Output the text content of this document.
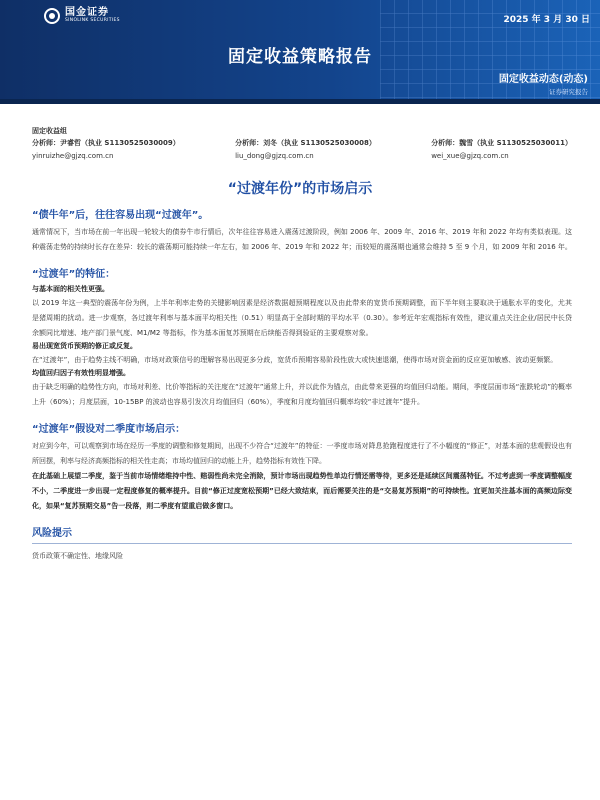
国金证券
SINOLINK SECURITIES	2025 年 3 月 30 日
固定收益策略报告
固定收益动态(动态)
证券研究报告
固定收益组
分析师：尹睿哲（执业 S1130525030009）
yinruizhe@gjzq.com.cn
分析师：刘冬（执业 S1130525030008）
liu_dong@gjzq.com.cn
分析师：魏雪（执业 S1130525030011）
wei_xue@gjzq.com.cn
“过渡年份”的市场启示
“债牛年”后，往往容易出现“过渡年”。
通常情况下，当市场在前一年出现一轮较大的债券牛市行情后，次年往往容易进入震荡过渡阶段，例如 2006 年、2009 年、2016 年、2019 年和 2022 年均有类似表现。这种震荡走势的持续时长存在差异：较长的震荡期可能持续一年左右，如 2006 年、2019 年和 2022 年；而较短的震荡期也通常会维持 5 至 9 个月，如 2009 年和 2016 年。
“过渡年”的特征：
与基本面的相关性更强。
以 2019 年这一典型的震荡年份为例，上半年利率走势的关键影响因素是经济数据超预期程度以及由此带来的宽货币预期调整，而下半年则主要取决于通胀水平的变化，尤其是猪周期的扰动。进一步观察，各过渡年利率与基本面平均相关性（0.51）明显高于全部时期的平均水平（0.30）。参考近年宏观指标有效性，建议重点关注企业/居民中长贷余额同比增速、地产部门景气度、M1/M2 等指标，作为基本面复苏预期在后续能否得到验证的主要观察对象。
易出现宽货币预期的修正或反复。
在“过渡年”，由于趋势主线不明确，市场对政策信号的理解容易出现更多分歧，宽货币预期容易阶段性放大或快速退潮，使得市场对资金面的反应更加敏感、波动更频繁。
均值回归因子有效性明显增强。
由于缺乏明确的趋势性方向，市场对利差、比价等指标的关注度在“过渡年”通常上升，并以此作为锚点，由此带来更强的均值回归动能。期间，季度层面市场“涨跌轮动”的概率上升（60%）；月度层面，10-15BP 的波动也容易引发次月均值回归（60%），季度和月度均值回归概率均较“非过渡年”提升。
“过渡年”假设对二季度市场启示：
对应到今年，可以观察到市场在经历一季度的调整和修复期间，出现不少符合“过渡年”的特征：一季度市场对降息抢跑程度进行了不小幅度的“修正”，对基本面的悲观假设也有所回摆，利率与经济高频指标的相关性走高；市场均值回归的动能上升，趋势指标有效性下降。
在此基础上展望二季度，鉴于当前市场情绪维持中性、赔弱性尚未完全消除，预计市场出现趋势性单边行情还需等待，更多还是延续区间震荡特征。不过考虑到一季度调整幅度不小，二季度进一步出现一定程度修复的概率提升。目前“修正过度宽松预期”已经大致结束，而后需要关注的是“交易复苏预期”的可持续性。宜更加关注基本面的高频边际变化，如果“复苏预期交易”告一段落，则二季度有望重启做多窗口。
风险提示
货币政策不确定性、地缘风险
